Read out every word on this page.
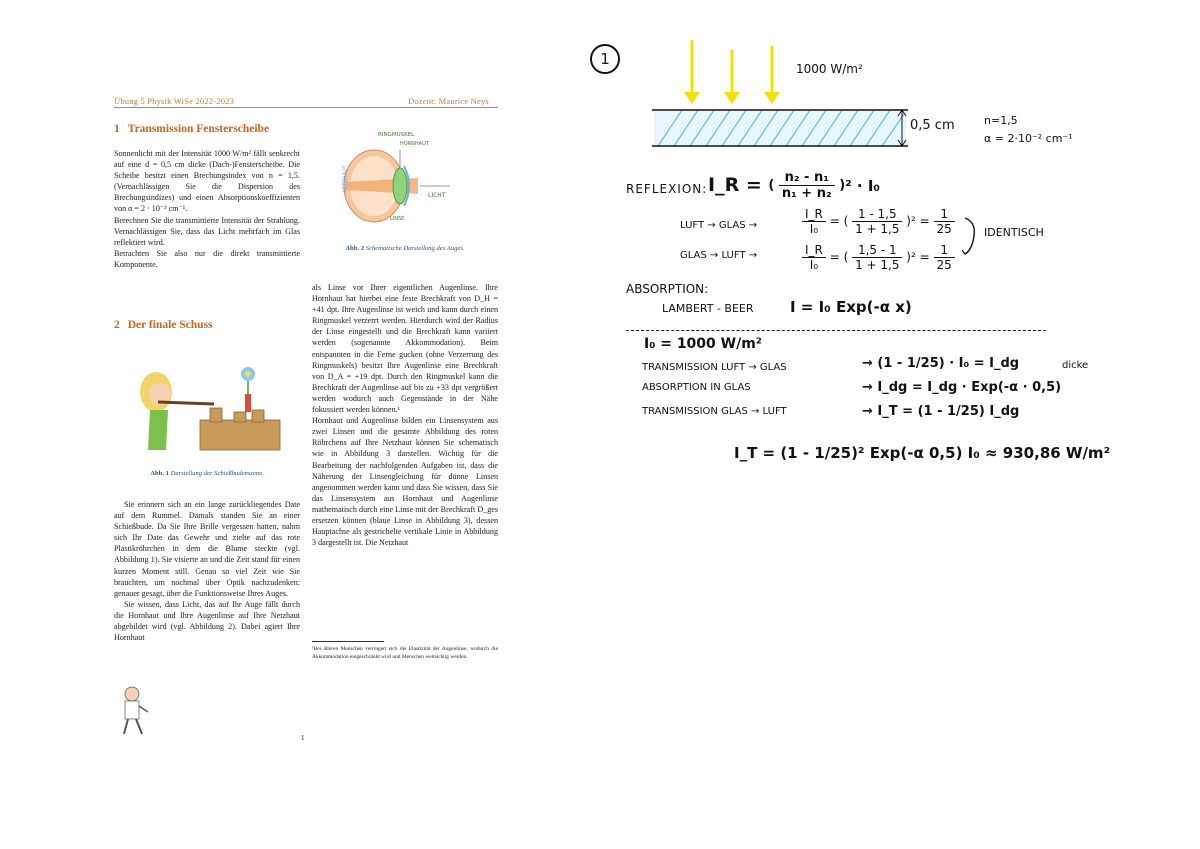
Übung 5 Physik WiSe 2022-2023	Dozent: Maurice Neys
1 Transmission Fensterscheibe

Sonnenlicht mit der Intensität 1000 W/m² fällt senkrecht auf eine d = 0,5 cm dicke (Dach-)Fensterscheibe. Die Scheibe besitzt einen Brechungsindex von n = 1,5. (Vernachlässigen Sie die Dispersion des Brechungsindizes) und einen Absorptionskoeffizienten von α = 2 · 10⁻² cm⁻¹.

Berechnen Sie die transmittierte Intensität der Strahlung. Vernachlässigen Sie, dass das Licht mehrfach im Glas reflektiert wird.

Betrachten Sie also nur die direkt transmittierte Komponente.

RINGMUSKEL
HORNHAUT
NETZHAUT
LICHT
LINSE
Abb. 2 Schematische Darstellung des Auges.
2 Der finale Schuss
Abb. 1 Darstellung der Schießbudenszene.

Sie erinnern sich an ein lange zurückliegendes Date auf dem Rummel. Damals standen Sie an einer Schießbude. Da Sie Ihre Brille vergessen hatten, nahm sich Ihr Date das Gewehr und zielte auf das rote Plastikröhrchen in dem die Blume steckte (vgl. Abbildung 1). Sie visierte an und die Zeit stand für einen kurzen Moment still. Genau so viel Zeit wie Sie brauchten, um nochmal über Optik nachzudenken: genauer gesagt, über die Funktionsweise Ihres Auges.

Sie wissen, dass Licht, das auf Ihr Auge fällt durch die Hornhaut und Ihre Augenlinse auf Ihre Netzhaut abgebildet wird (vgl. Abbildung 2). Dabei agiert Ihre Hornhaut

als Linse vor Ihrer eigentlichen Augenlinse. Ihre Hornhaut hat hierbei eine feste Brechkraft von D_H = +41 dpt. Ihre Augenlinse ist weich und kann durch einen Ringmuskel verzerrt werden. Hierdurch wird der Radius der Linse eingestellt und die Brechkraft kann variiert werden (sogenannte Akkommodation). Beim entspannten in die Ferne gucken (ohne Verzerrung des Ringmuskels) besitzt Ihre Augenlinse eine Brechkraft von D_A = +19 dpt. Durch den Ringmuskel kann die Brechkraft der Augenlinse auf bis zu +33 dpt vergrößert werden wodurch auch Gegenstände in der Nähe fokussiert werden können.¹

Hornhaut und Augenlinse bilden ein Linsensystem aus zwei Linsen und die gesamte Abbildung des roten Röhrchens auf Ihre Netzhaut können Sie schematisch wie in Abbildung 3 darstellen. Wichtig für die Bearbeitung der nachfolgenden Aufgaben ist, dass die Näherung der Linsengleichung für dünne Linsen angenommen werden kann und dass Sie wissen, dass Sie das Linsensystem aus Hornhaut und Augenlinse mathematisch durch eine Linse mit der Brechkraft D_ges ersetzen können (blaue Linse in Abbildung 3), dessen Hauptachse als gestrichelte vertikale Linie in Abbildung 3 dargestellt ist. Die Netzhaut

¹Bei älteren Menschen verringert sich die Elastizität der Augenlinse, wodurch die Akkommodation eingeschränkt wird und Menschen weitsichtig werden.
1
1
1000 W/m²
0,5 cm	n=1,5
α = 2·10⁻² cm⁻¹
REFLEXION: I_R = ( $\frac{\text{n₂ - n₁}}{\text{n₁ + n₂}} )^2 \cdot I_0$
LUFT → GLAS →	$\frac{I\_R}{\text{I₀}}$ = ( $\frac{1 - 1,5}{1 + 1,5} )^2 = \frac{1}{25}$
GLAS → LUFT →	$\frac{I\_R}{\text{I₀}}$ = ( $\frac{1,5 - 1}{1 + 1,5} )^2 = \frac{1}{25}$
IDENTISCH
ABSORPTION:
LAMBERT - BEER I = I₀ Exp(-α x)
I₀ = 1000 W/m²
TRANSMISSION LUFT → GLAS	→ (1 - 1/25) · I₀ = I_dg
ABSORPTION IN GLAS	→ I_dg = I_dg · Exp(-α · 0,5)
dicke
TRANSMISSION GLAS → LUFT	→ I_T = (1 - 1/25) I_dg
I_T = (1 - 1/25)² Exp(-α 0,5) I₀ ≈ 930,86 W/m²
